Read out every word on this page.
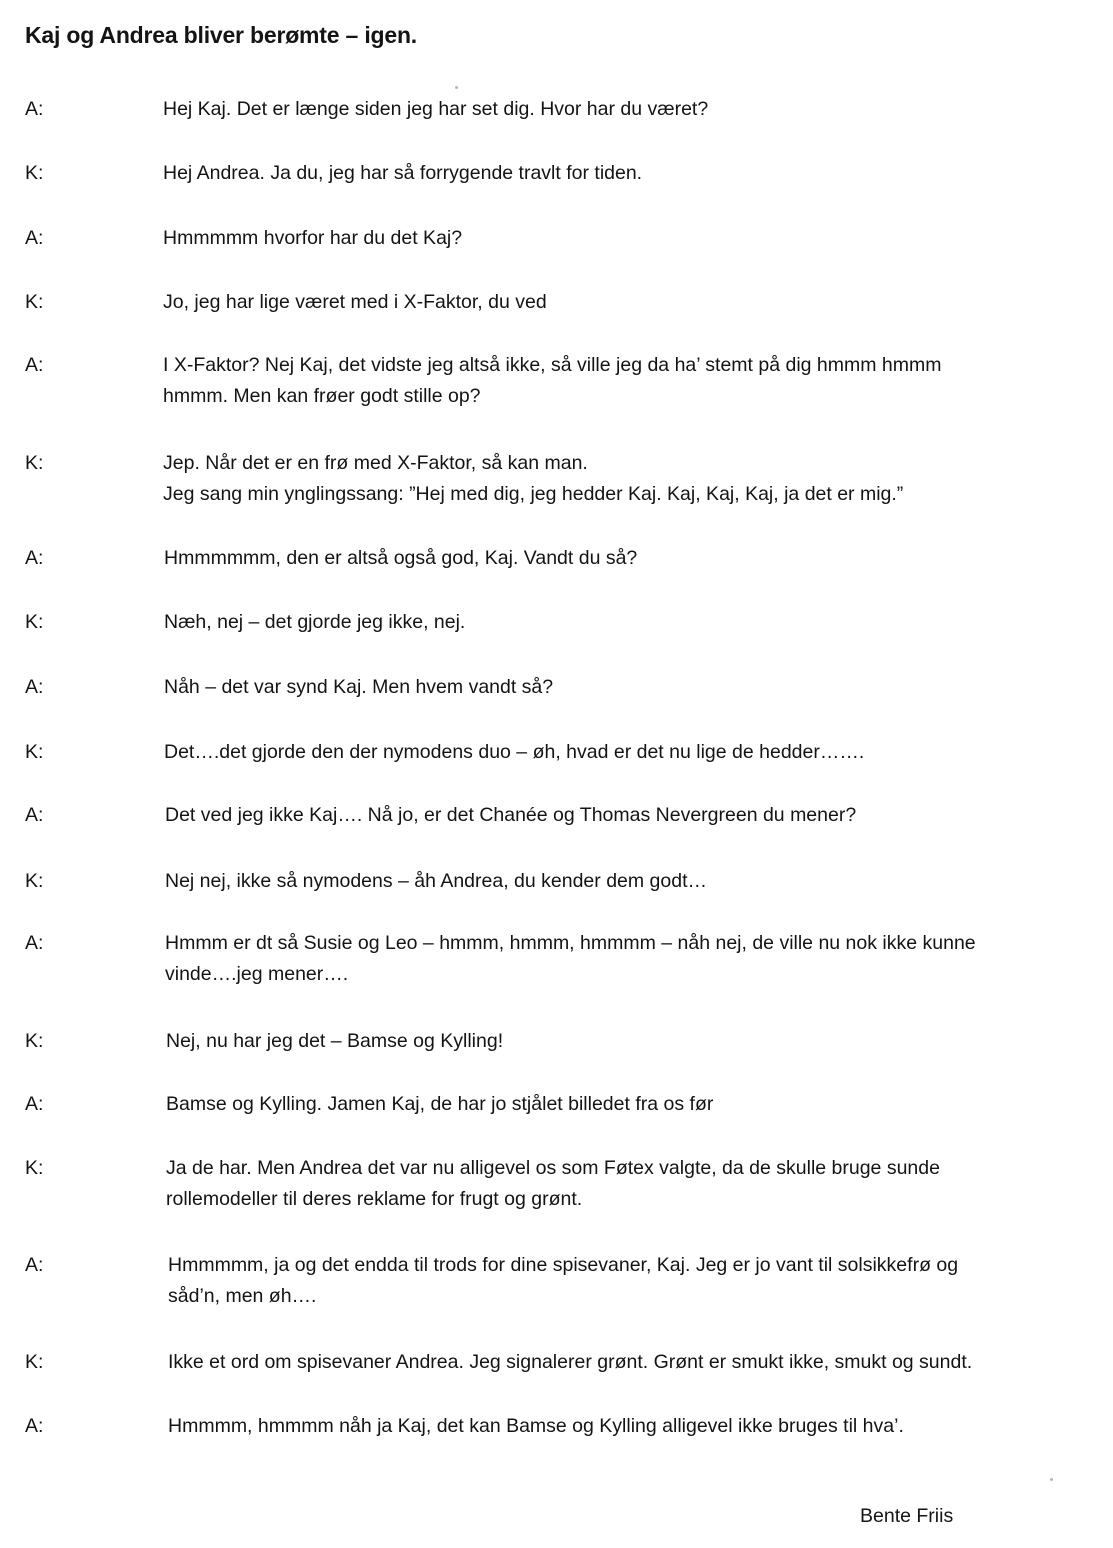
Kaj og Andrea bliver berømte – igen.
A:	Hej Kaj. Det er længe siden jeg har set dig. Hvor har du været?
K:	Hej Andrea. Ja du, jeg har så forrygende travlt for tiden.
A:	Hmmmmm hvorfor har du det Kaj?
K:	Jo, jeg har lige været med i X-Faktor, du ved
A:	I X-Faktor? Nej Kaj, det vidste jeg altså ikke, så ville jeg da ha’ stemt på dig hmmm hmmm
hmmm. Men kan frøer godt stille op?
K:	Jep. Når det er en frø med X-Faktor, så kan man.
Jeg sang min ynglingssang: ”Hej med dig, jeg hedder Kaj. Kaj, Kaj, Kaj, ja det er mig.”
A:	Hmmmmmm, den er altså også god, Kaj. Vandt du så?
K:	Næh, nej – det gjorde jeg ikke, nej.
A:	Nåh – det var synd Kaj. Men hvem vandt så?
K:	Det….det gjorde den der nymodens duo – øh, hvad er det nu lige de hedder…….
A:	Det ved jeg ikke Kaj…. Nå jo, er det Chanée og Thomas Nevergreen du mener?
K:	Nej nej, ikke så nymodens – åh Andrea, du kender dem godt…
A:	Hmmm er dt så Susie og Leo – hmmm, hmmm, hmmmm – nåh nej, de ville nu nok ikke kunne
vinde….jeg mener….
K:	Nej, nu har jeg det – Bamse og Kylling!
A:	Bamse og Kylling. Jamen Kaj, de har jo stjålet billedet fra os før
K:	Ja de har. Men Andrea det var nu alligevel os som Føtex valgte, da de skulle bruge sunde
rollemodeller til deres reklame for frugt og grønt.
A:	Hmmmmm, ja og det endda til trods for dine spisevaner, Kaj. Jeg er jo vant til solsikkefrø og
såd’n, men øh….
K:	Ikke et ord om spisevaner Andrea. Jeg signalerer grønt. Grønt er smukt ikke, smukt og sundt.
A:	Hmmmm, hmmmm nåh ja Kaj, det kan Bamse og Kylling alligevel ikke bruges til hva’.
Bente Friis
